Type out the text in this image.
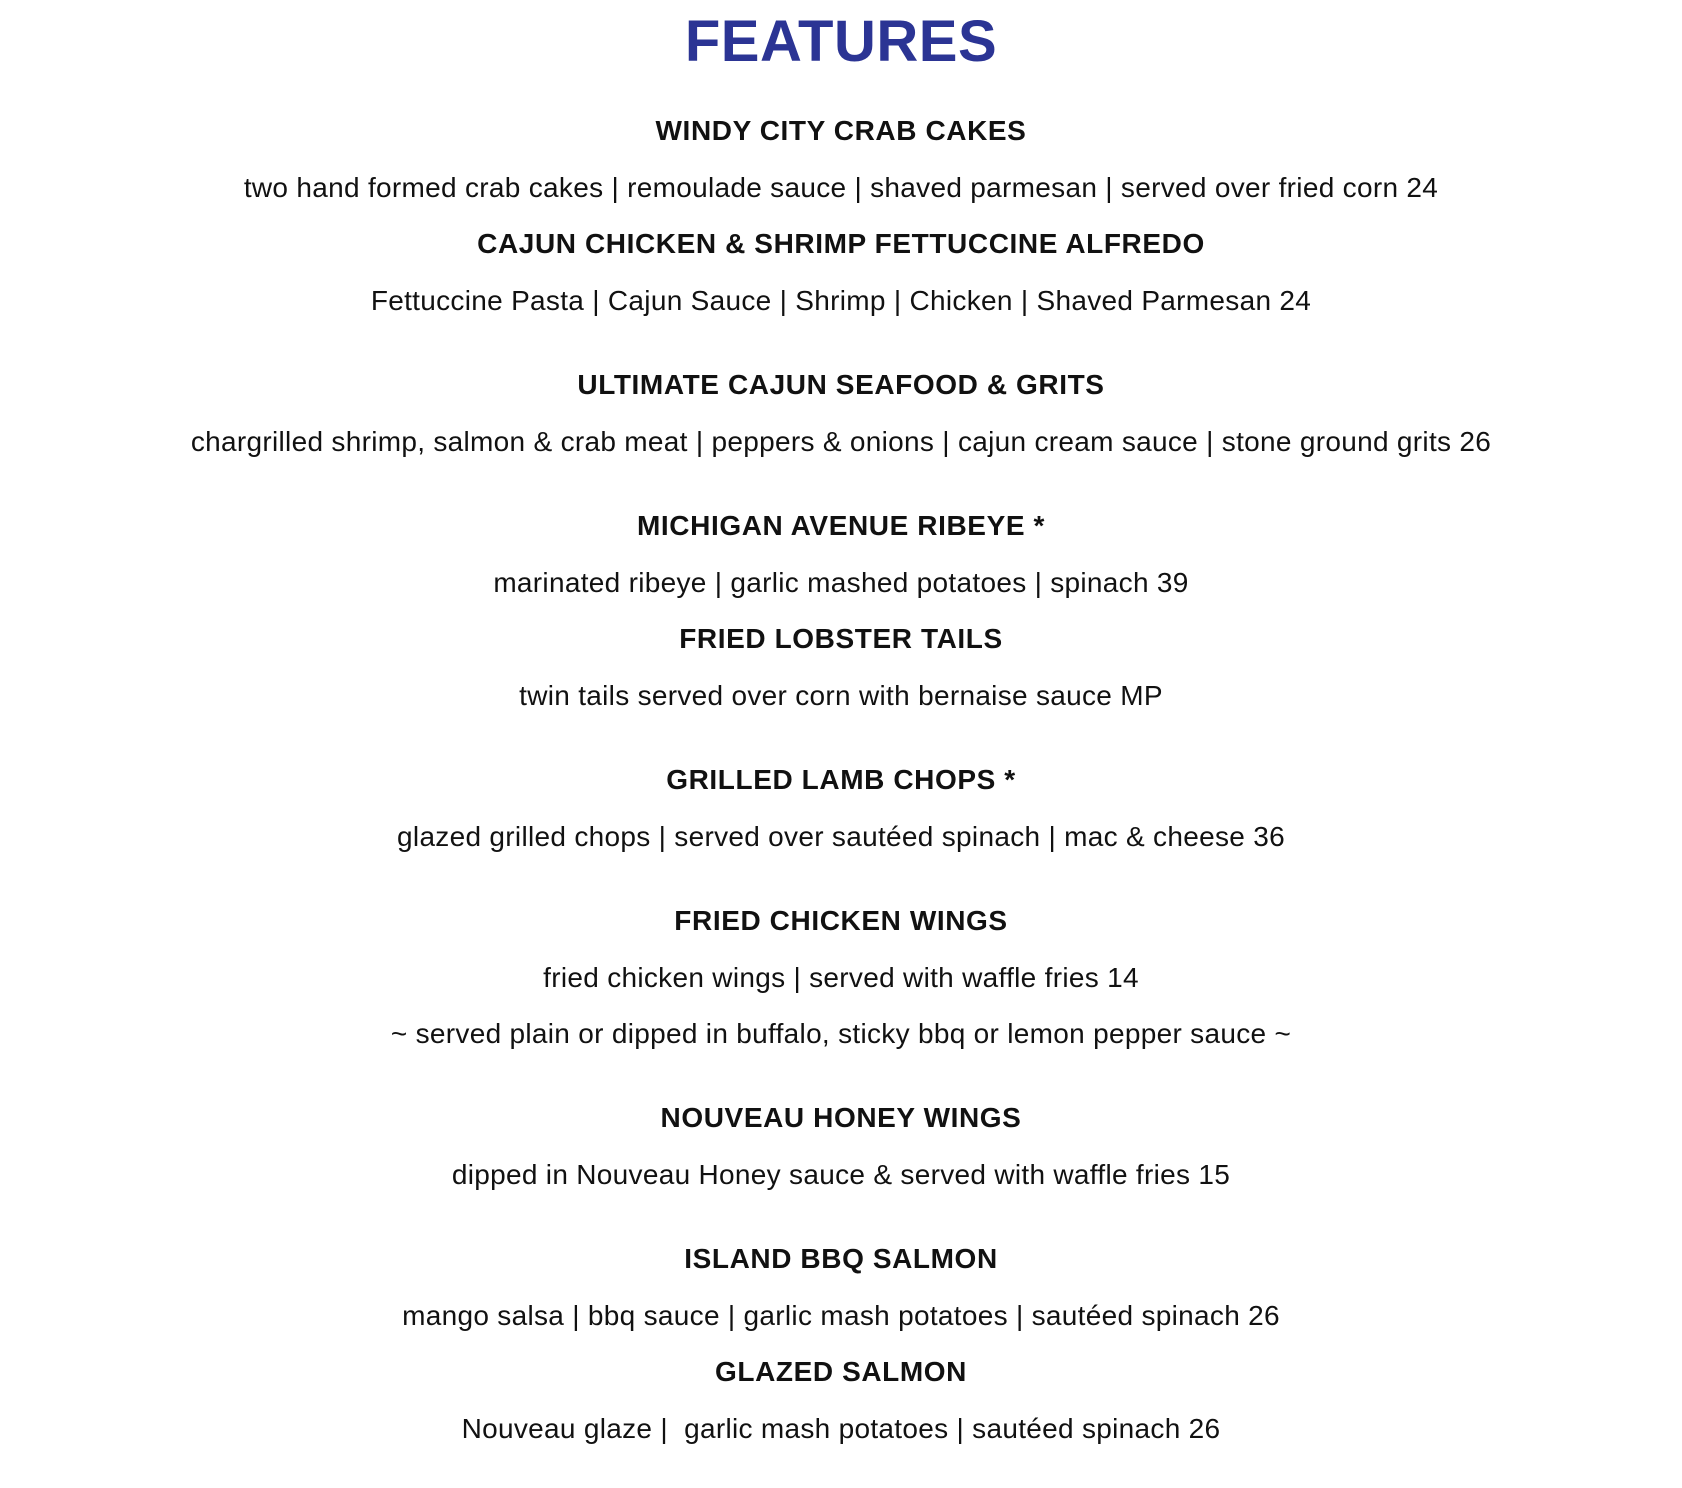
FEATURES
WINDY CITY CRAB CAKES
two hand formed crab cakes | remoulade sauce | shaved parmesan | served over fried corn 24
CAJUN CHICKEN & SHRIMP FETTUCCINE ALFREDO
Fettuccine Pasta | Cajun Sauce | Shrimp | Chicken | Shaved Parmesan 24
ULTIMATE CAJUN SEAFOOD & GRITS
chargrilled shrimp, salmon & crab meat | peppers & onions | cajun cream sauce | stone ground grits 26
MICHIGAN AVENUE RIBEYE *
marinated ribeye | garlic mashed potatoes | spinach 39
FRIED LOBSTER TAILS
twin tails served over corn with bernaise sauce MP
GRILLED LAMB CHOPS *
glazed grilled chops | served over sautéed spinach | mac & cheese 36
FRIED CHICKEN WINGS
fried chicken wings | served with waffle fries 14
~ served plain or dipped in buffalo, sticky bbq or lemon pepper sauce ~
NOUVEAU HONEY WINGS
dipped in Nouveau Honey sauce & served with waffle fries 15
ISLAND BBQ SALMON
mango salsa | bbq sauce | garlic mash potatoes | sautéed spinach 26
GLAZED SALMON
Nouveau glaze |  garlic mash potatoes | sautéed spinach 26
